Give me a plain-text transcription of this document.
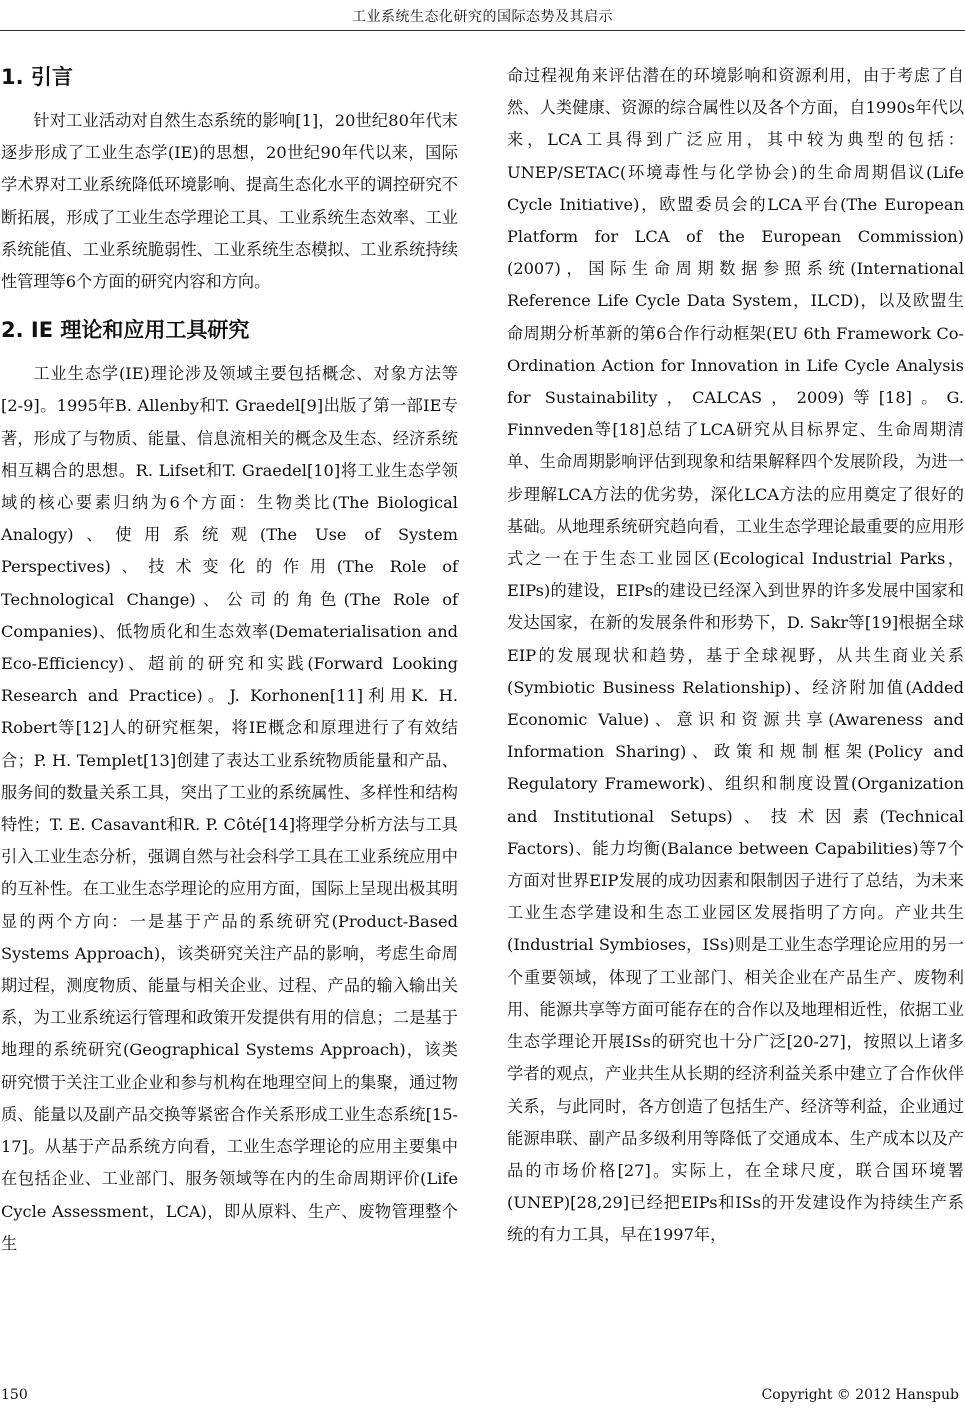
工业系统生态化研究的国际态势及其启示
1. 引言

针对工业活动对自然生态系统的影响[1]，20世纪80年代末逐步形成了工业生态学(IE)的思想，20世纪90年代以来，国际学术界对工业系统降低环境影响、提高生态化水平的调控研究不断拓展，形成了工业生态学理论工具、工业系统生态效率、工业系统能值、工业系统脆弱性、工业系统生态模拟、工业系统持续性管理等6个方面的研究内容和方向。

2. IE 理论和应用工具研究

工业生态学(IE)理论涉及领域主要包括概念、对象方法等[2-9]。1995年B. Allenby和T. Graedel[9]出版了第一部IE专著，形成了与物质、能量、信息流相关的概念及生态、经济系统相互耦合的思想。R. Lifset和T. Graedel[10]将工业生态学领域的核心要素归纳为6个方面：生物类比(The Biological Analogy)、使用系统观(The Use of System Perspectives)、技术变化的作用(The Role of Technological Change)、公司的角色(The Role of Companies)、低物质化和生态效率(Dematerialisation and Eco-Efficiency)、超前的研究和实践(Forward Looking Research and Practice)。J. Korhonen[11]利用K. H. Robert等[12]人的研究框架，将IE概念和原理进行了有效结合；P. H. Templet[13]创建了表达工业系统物质能量和产品、服务间的数量关系工具，突出了工业的系统属性、多样性和结构特性；T. E. Casavant和R. P. Côté[14]将理学分析方法与工具引入工业生态分析，强调自然与社会科学工具在工业系统应用中的互补性。在工业生态学理论的应用方面，国际上呈现出极其明显的两个方向：一是基于产品的系统研究(Product-Based Systems Approach)，该类研究关注产品的影响，考虑生命周期过程，测度物质、能量与相关企业、过程、产品的输入输出关系，为工业系统运行管理和政策开发提供有用的信息；二是基于地理的系统研究(Geographical Systems Approach)，该类研究惯于关注工业企业和参与机构在地理空间上的集聚，通过物质、能量以及副产品交换等紧密合作关系形成工业生态系统[15-17]。从基于产品系统方向看，工业生态学理论的应用主要集中在包括企业、工业部门、服务领域等在内的生命周期评价(Life Cycle Assessment，LCA)，即从原料、生产、废物管理整个生

命过程视角来评估潜在的环境影响和资源利用，由于考虑了自然、人类健康、资源的综合属性以及各个方面，自1990s年代以来，LCA工具得到广泛应用，其中较为典型的包括：UNEP/SETAC(环境毒性与化学协会)的生命周期倡议(Life Cycle Initiative)，欧盟委员会的LCA平台(The European Platform for LCA of the European Commission)(2007)，国际生命周期数据参照系统(International Reference Life Cycle Data System，ILCD)，以及欧盟生命周期分析革新的第6合作行动框架(EU 6th Framework Co-Ordination Action for Innovation in Life Cycle Analysis for Sustainability，CALCAS，2009)等[18]。G. Finnveden等[18]总结了LCA研究从目标界定、生命周期清单、生命周期影响评估到现象和结果解释四个发展阶段，为进一步理解LCA方法的优劣势，深化LCA方法的应用奠定了很好的基础。从地理系统研究趋向看，工业生态学理论最重要的应用形式之一在于生态工业园区(Ecological Industrial Parks，EIPs)的建设，EIPs的建设已经深入到世界的许多发展中国家和发达国家，在新的发展条件和形势下，D. Sakr等[19]根据全球EIP的发展现状和趋势，基于全球视野，从共生商业关系(Symbiotic Business Relationship)、经济附加值(Added Economic Value)、意识和资源共享(Awareness and Information Sharing)、政策和规制框架(Policy and Regulatory Framework)、组织和制度设置(Organization and Institutional Setups)、技术因素(Technical Factors)、能力均衡(Balance between Capabilities)等7个方面对世界EIP发展的成功因素和限制因子进行了总结，为未来工业生态学建设和生态工业园区发展指明了方向。产业共生(Industrial Symbioses，ISs)则是工业生态学理论应用的另一个重要领域，体现了工业部门、相关企业在产品生产、废物利用、能源共享等方面可能存在的合作以及地理相近性，依据工业生态学理论开展ISs的研究也十分广泛[20-27]，按照以上诸多学者的观点，产业共生从长期的经济利益关系中建立了合作伙伴关系，与此同时，各方创造了包括生产、经济等利益，企业通过能源串联、副产品多级利用等降低了交通成本、生产成本以及产品的市场价格[27]。实际上，在全球尺度，联合国环境署(UNEP)[28,29]已经把EIPs和ISs的开发建设作为持续生产系统的有力工具，早在1997年，

150	Copyright © 2012 Hanspub
